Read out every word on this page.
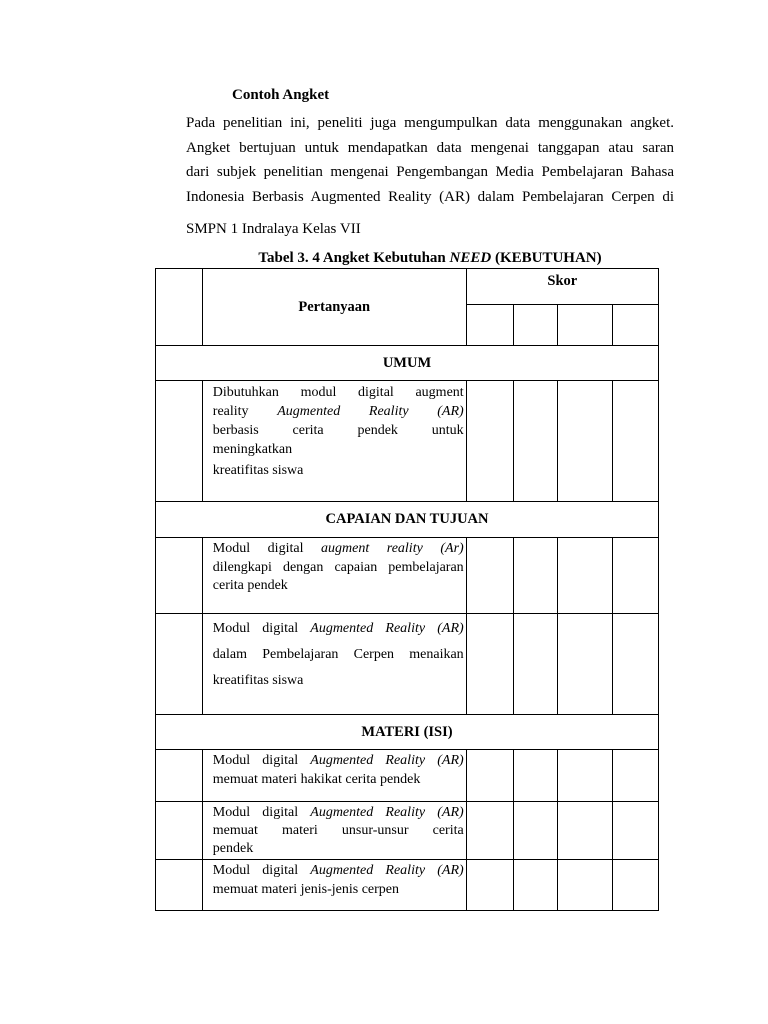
Contoh Angket
Pada penelitian ini, peneliti juga mengumpulkan data menggunakan angket.
Angket bertujuan untuk mendapatkan data mengenai tanggapan atau saran
dari subjek penelitian mengenai Pengembangan Media Pembelajaran Bahasa
Indonesia Berbasis Augmented Reality (AR) dalam Pembelajaran Cerpen di
SMPN 1 Indralaya Kelas VII
Tabel 3. 4 Angket Kebutuhan NEED (KEBUTUHAN)
	Pertanyaan	Skor			

UMUM					

	Dibutuhkan modul digital augment
reality Augmented Reality (AR)
berbasis cerita pendek untuk
meningkatkan
kreatifitas siswa				

CAPAIAN DAN TUJUAN					

	Modul digital augment reality (Ar)
dilengkapi dengan capaian pembelajaran
cerita pendek				

	Modul digital Augmented Reality (AR)
dalam Pembelajaran Cerpen menaikan
kreatifitas siswa				

MATERI (ISI)					

	Modul digital Augmented Reality (AR)
memuat materi hakikat cerita pendek				

	Modul digital Augmented Reality (AR)
memuat materi unsur-unsur cerita
pendek				

	Modul digital Augmented Reality (AR)
memuat materi jenis-jenis cerpen				
